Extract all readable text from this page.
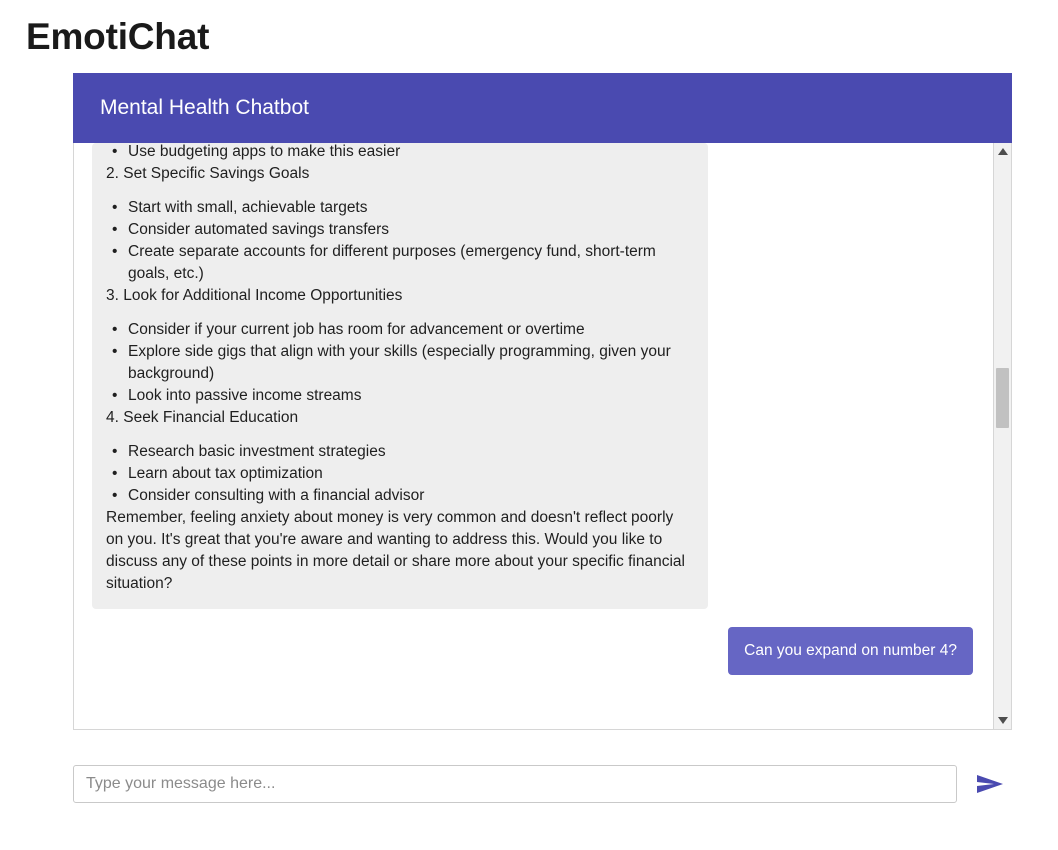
EmotiChat
Mental Health Chatbot
• Use budgeting apps to make this easier
2. Set Specific Savings Goals
• Start with small, achievable targets
• Consider automated savings transfers
• Create separate accounts for different purposes (emergency fund, short-term goals, etc.)
3. Look for Additional Income Opportunities
• Consider if your current job has room for advancement or overtime
• Explore side gigs that align with your skills (especially programming, given your background)
• Look into passive income streams
4. Seek Financial Education
• Research basic investment strategies
• Learn about tax optimization
• Consider consulting with a financial advisor
Remember, feeling anxiety about money is very common and doesn't reflect poorly on you. It's great that you're aware and wanting to address this. Would you like to discuss any of these points in more detail or share more about your specific financial situation?
Can you expand on number 4?
Type your message here...
